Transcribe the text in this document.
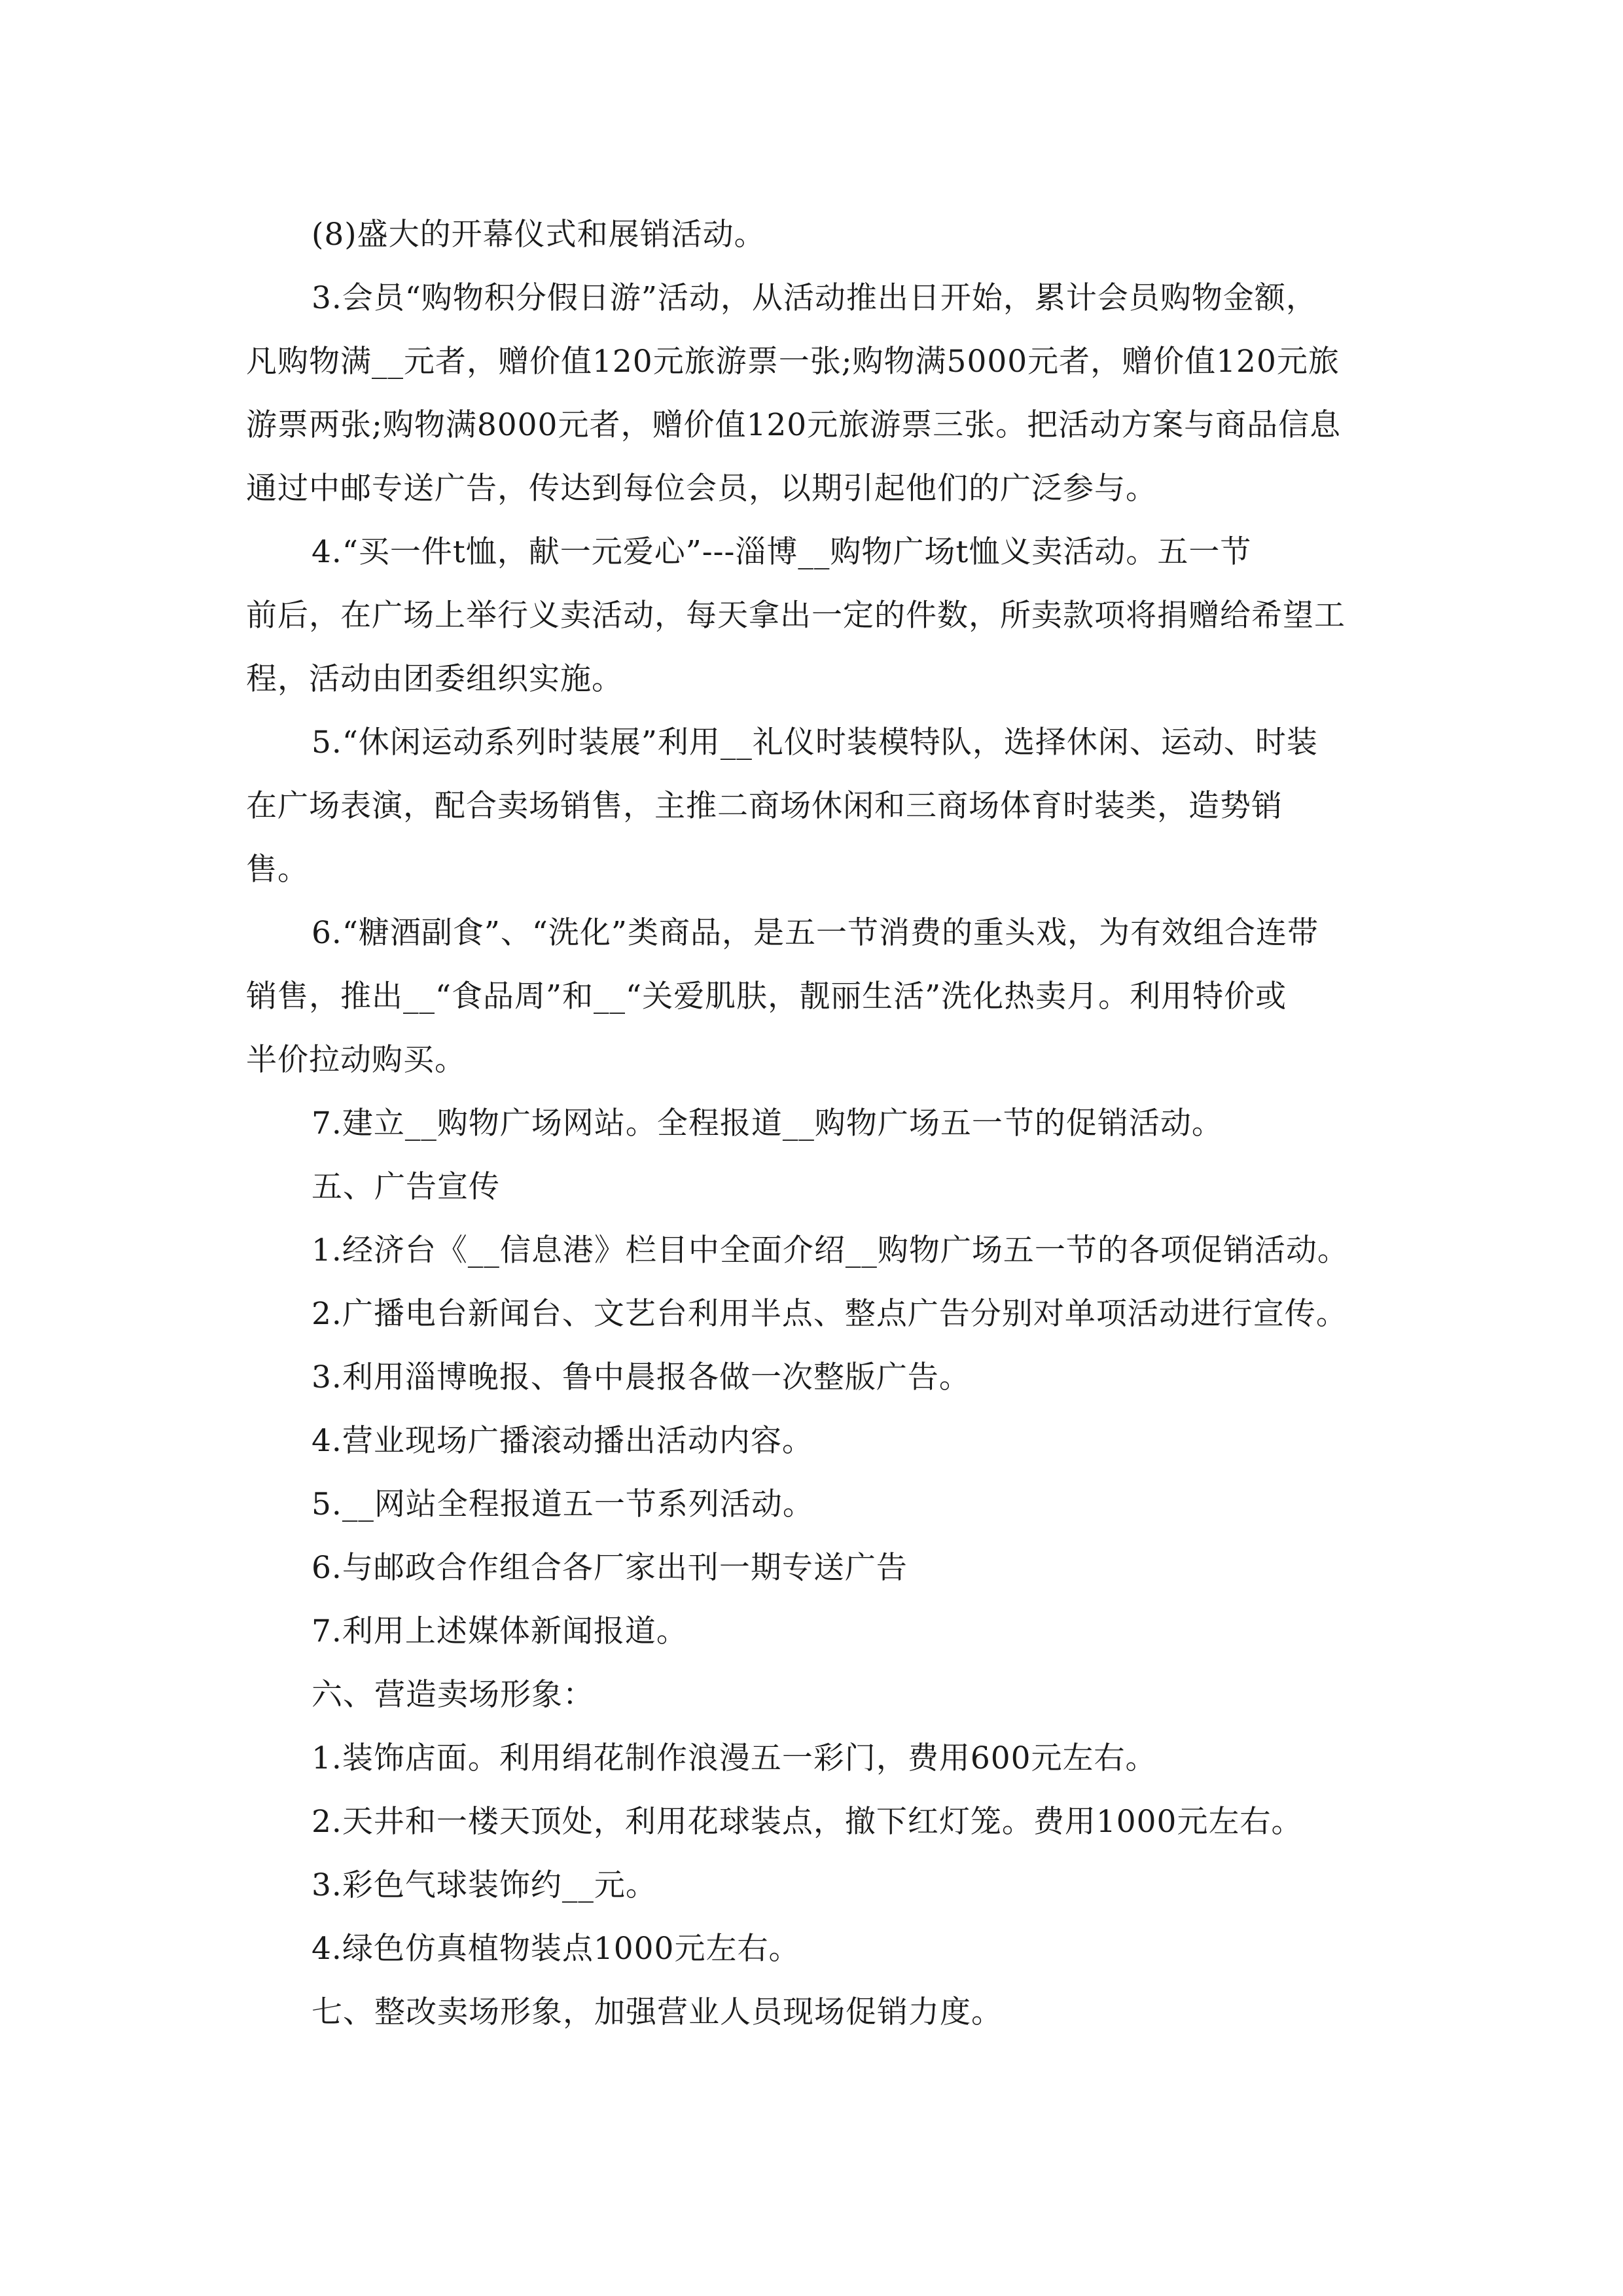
(8)盛大的开幕仪式和展销活动。
3.会员“购物积分假日游”活动，从活动推出日开始，累计会员购物金额，
凡购物满__元者，赠价值120元旅游票一张;购物满5000元者，赠价值120元旅
游票两张;购物满8000元者，赠价值120元旅游票三张。把活动方案与商品信息
通过中邮专送广告，传达到每位会员，以期引起他们的广泛参与。
4.“买一件t恤，献一元爱心”---淄博__购物广场t恤义卖活动。五一节
前后，在广场上举行义卖活动，每天拿出一定的件数，所卖款项将捐赠给希望工
程，活动由团委组织实施。
5.“休闲运动系列时装展”利用__礼仪时装模特队，选择休闲、运动、时装
在广场表演，配合卖场销售，主推二商场休闲和三商场体育时装类，造势销
售。
6.“糖酒副食”、“洗化”类商品，是五一节消费的重头戏，为有效组合连带
销售，推出__“食品周”和__“关爱肌肤，靓丽生活”洗化热卖月。利用特价或
半价拉动购买。
7.建立__购物广场网站。全程报道__购物广场五一节的促销活动。
五、广告宣传
1.经济台《__信息港》栏目中全面介绍__购物广场五一节的各项促销活动。
2.广播电台新闻台、文艺台利用半点、整点广告分别对单项活动进行宣传。
3.利用淄博晚报、鲁中晨报各做一次整版广告。
4.营业现场广播滚动播出活动内容。
5.__网站全程报道五一节系列活动。
6.与邮政合作组合各厂家出刊一期专送广告
7.利用上述媒体新闻报道。
六、营造卖场形象：
1.装饰店面。利用绢花制作浪漫五一彩门，费用600元左右。
2.天井和一楼天顶处，利用花球装点，撤下红灯笼。费用1000元左右。
3.彩色气球装饰约__元。
4.绿色仿真植物装点1000元左右。
七、整改卖场形象，加强营业人员现场促销力度。
